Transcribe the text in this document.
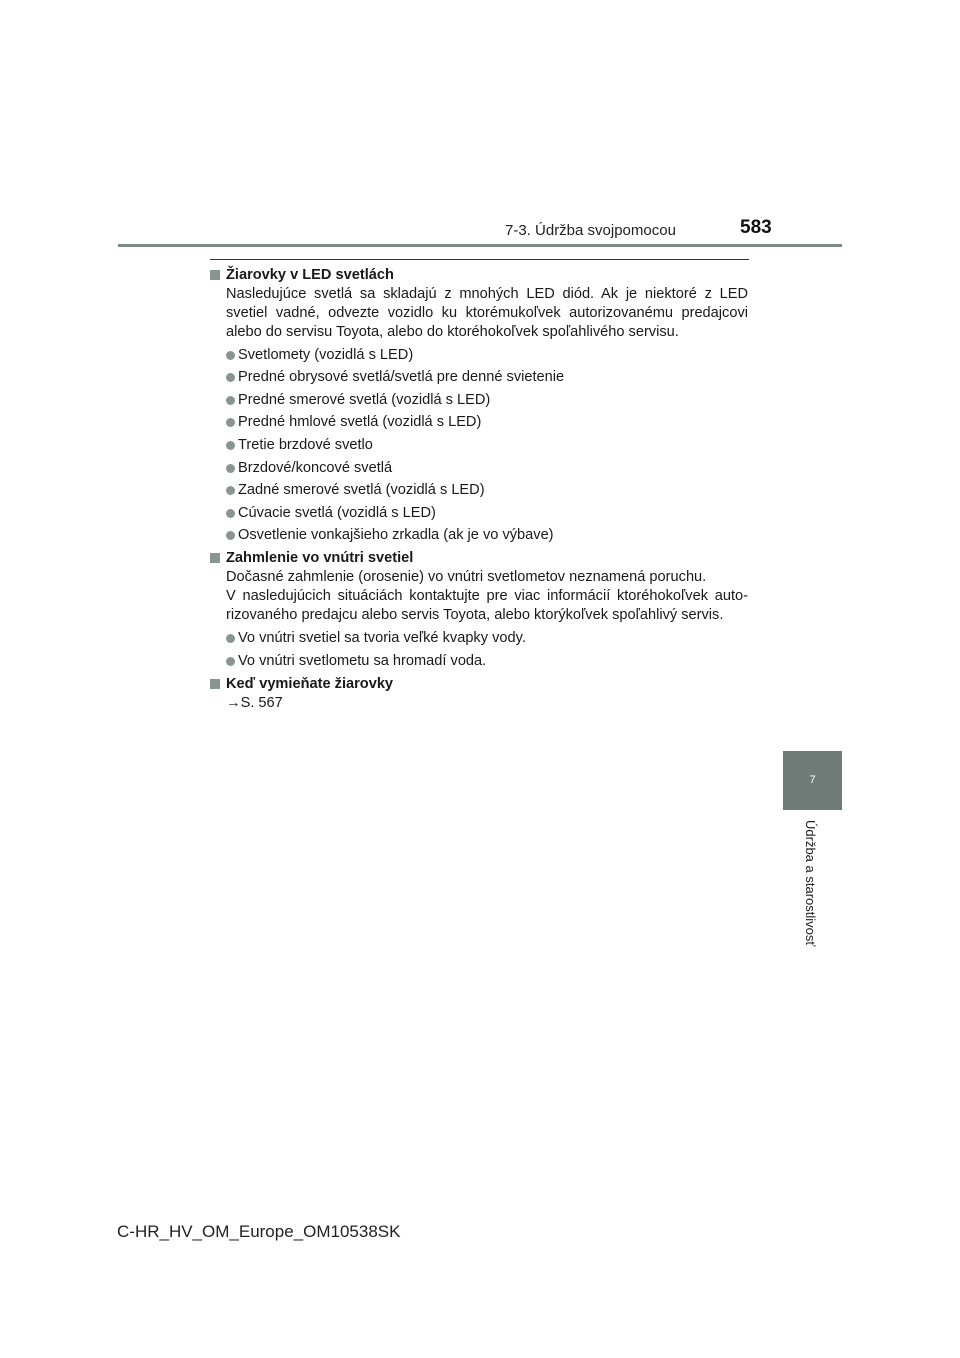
7-3. Údržba svojpomocou	583
7
Údržba a starostlivosť
Žiarovky v LED svetlách
Nasledujúce svetlá sa skladajú z mnohých LED diód. Ak je niektoré z LED
svetiel vadné, odvezte vozidlo ku ktorémukoľvek autorizovanému predajcovi
alebo do servisu Toyota, alebo do ktoréhokoľvek spoľahlivého servisu.
Svetlomety (vozidlá s LED)
Predné obrysové svetlá/svetlá pre denné svietenie
Predné smerové svetlá (vozidlá s LED)
Predné hmlové svetlá (vozidlá s LED)
Tretie brzdové svetlo
Brzdové/koncové svetlá
Zadné smerové svetlá (vozidlá s LED)
Cúvacie svetlá (vozidlá s LED)
Osvetlenie vonkajšieho zrkadla (ak je vo výbave)
Zahmlenie vo vnútri svetiel
Dočasné zahmlenie (orosenie) vo vnútri svetlometov neznamená poruchu.
V nasledujúcich situáciách kontaktujte pre viac informácií ktoréhokoľvek auto-
rizovaného predajcu alebo servis Toyota, alebo ktorýkoľvek spoľahlivý servis.
Vo vnútri svetiel sa tvoria veľké kvapky vody.
Vo vnútri svetlometu sa hromadí voda.
Keď vymieňate žiarovky
→S. 567
C-HR_HV_OM_Europe_OM10538SK
